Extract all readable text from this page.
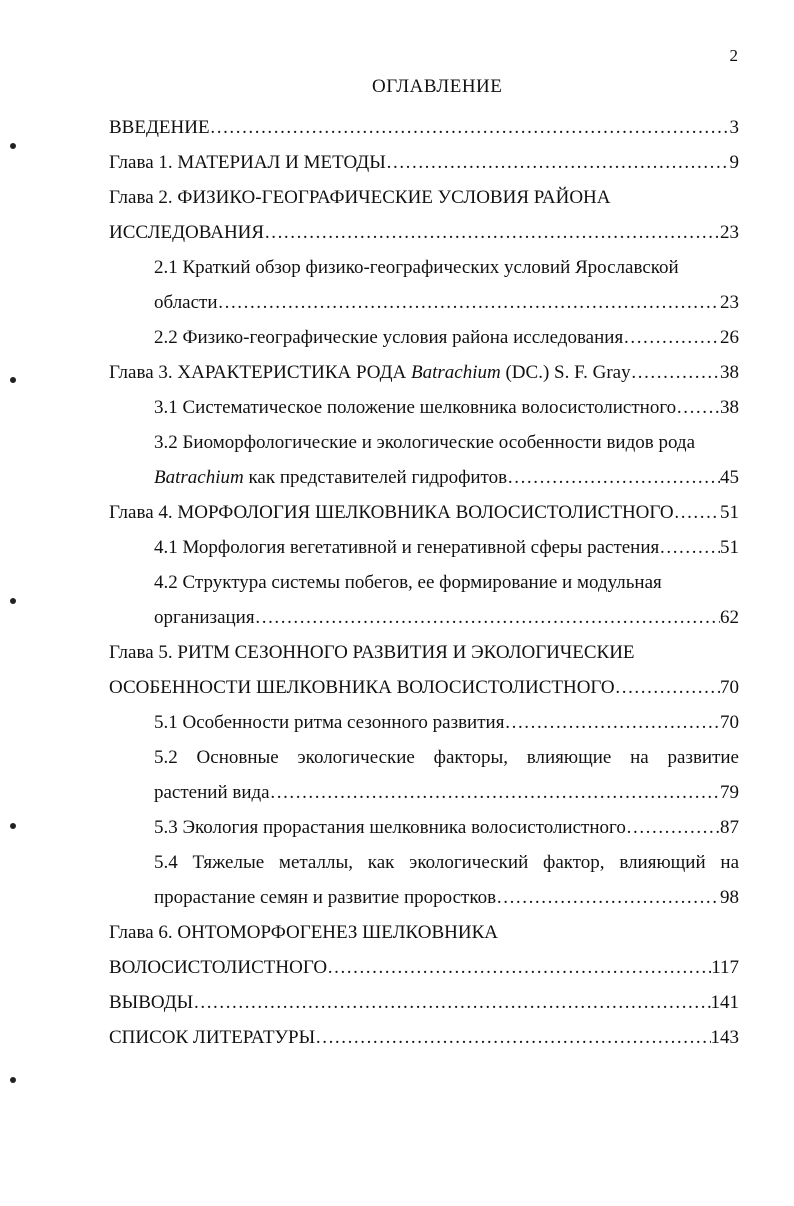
2
ОГЛАВЛЕНИЕ
ВВЕДЕНИЕ …………………………………………………………………………………………………………………………………………	3
Глава 1. МАТЕРИАЛ И МЕТОДЫ …………………………………………………………………………………………………………………………………………	9
Глава 2. ФИЗИКО-ГЕОГРАФИЧЕСКИЕ УСЛОВИЯ РАЙОНА
ИССЛЕДОВАНИЯ …………………………………………………………………………………………………………………………………………	23
2.1 Краткий обзор физико-географических условий Ярославской
области …………………………………………………………………………………………………………………………………………	23
2.2 Физико-географические условия района исследования …………………………………………………………………………………………………………………………………………	26
Глава 3. ХАРАКТЕРИСТИКА РОДА Batrachium (DC.) S. F. Gray …………………………………………………………………………………………………………………………………………	38
3.1 Систематическое положение шелковника волосистолистного ………………………………………………………………………………………………………………………………………… 38
3.2 Биоморфологические и экологические особенности видов рода
Batrachium как представителей гидрофитов …………………………………………………………………………………………………………………………………………	45
Глава 4. МОРФОЛОГИЯ ШЕЛКОВНИКА ВОЛОСИСТОЛИСТНОГО ………………………………………………………………………………………………………………………………………… 51
4.1 Морфология вегетативной и генеративной сферы растения …………………………………………………………………………………………………………………………………………	51
4.2 Структура системы побегов, ее формирование и модульная
организация …………………………………………………………………………………………………………………………………………	62
Глава 5. РИТМ СЕЗОННОГО РАЗВИТИЯ И ЭКОЛОГИЧЕСКИЕ
ОСОБЕННОСТИ ШЕЛКОВНИКА ВОЛОСИСТОЛИСТНОГО …………………………………………………………………………………………………………………………………………	70
5.1 Особенности ритма сезонного развития …………………………………………………………………………………………………………………………………………	70
5.2 Основные экологические факторы, влияющие на развитие
растений вида …………………………………………………………………………………………………………………………………………	79
5.3 Экология прорастания шелковника волосистолистного …………………………………………………………………………………………………………………………………………	87
5.4 Тяжелые металлы, как экологический фактор, влияющий на
прорастание семян и развитие проростков …………………………………………………………………………………………………………………………………………	98
Глава 6. ОНТОМОРФОГЕНЕЗ ШЕЛКОВНИКА
ВОЛОСИСТОЛИСТНОГО …………………………………………………………………………………………………………………………………………	117
ВЫВОДЫ …………………………………………………………………………………………………………………………………………	141
СПИСОК ЛИТЕРАТУРЫ …………………………………………………………………………………………………………………………………………	143
